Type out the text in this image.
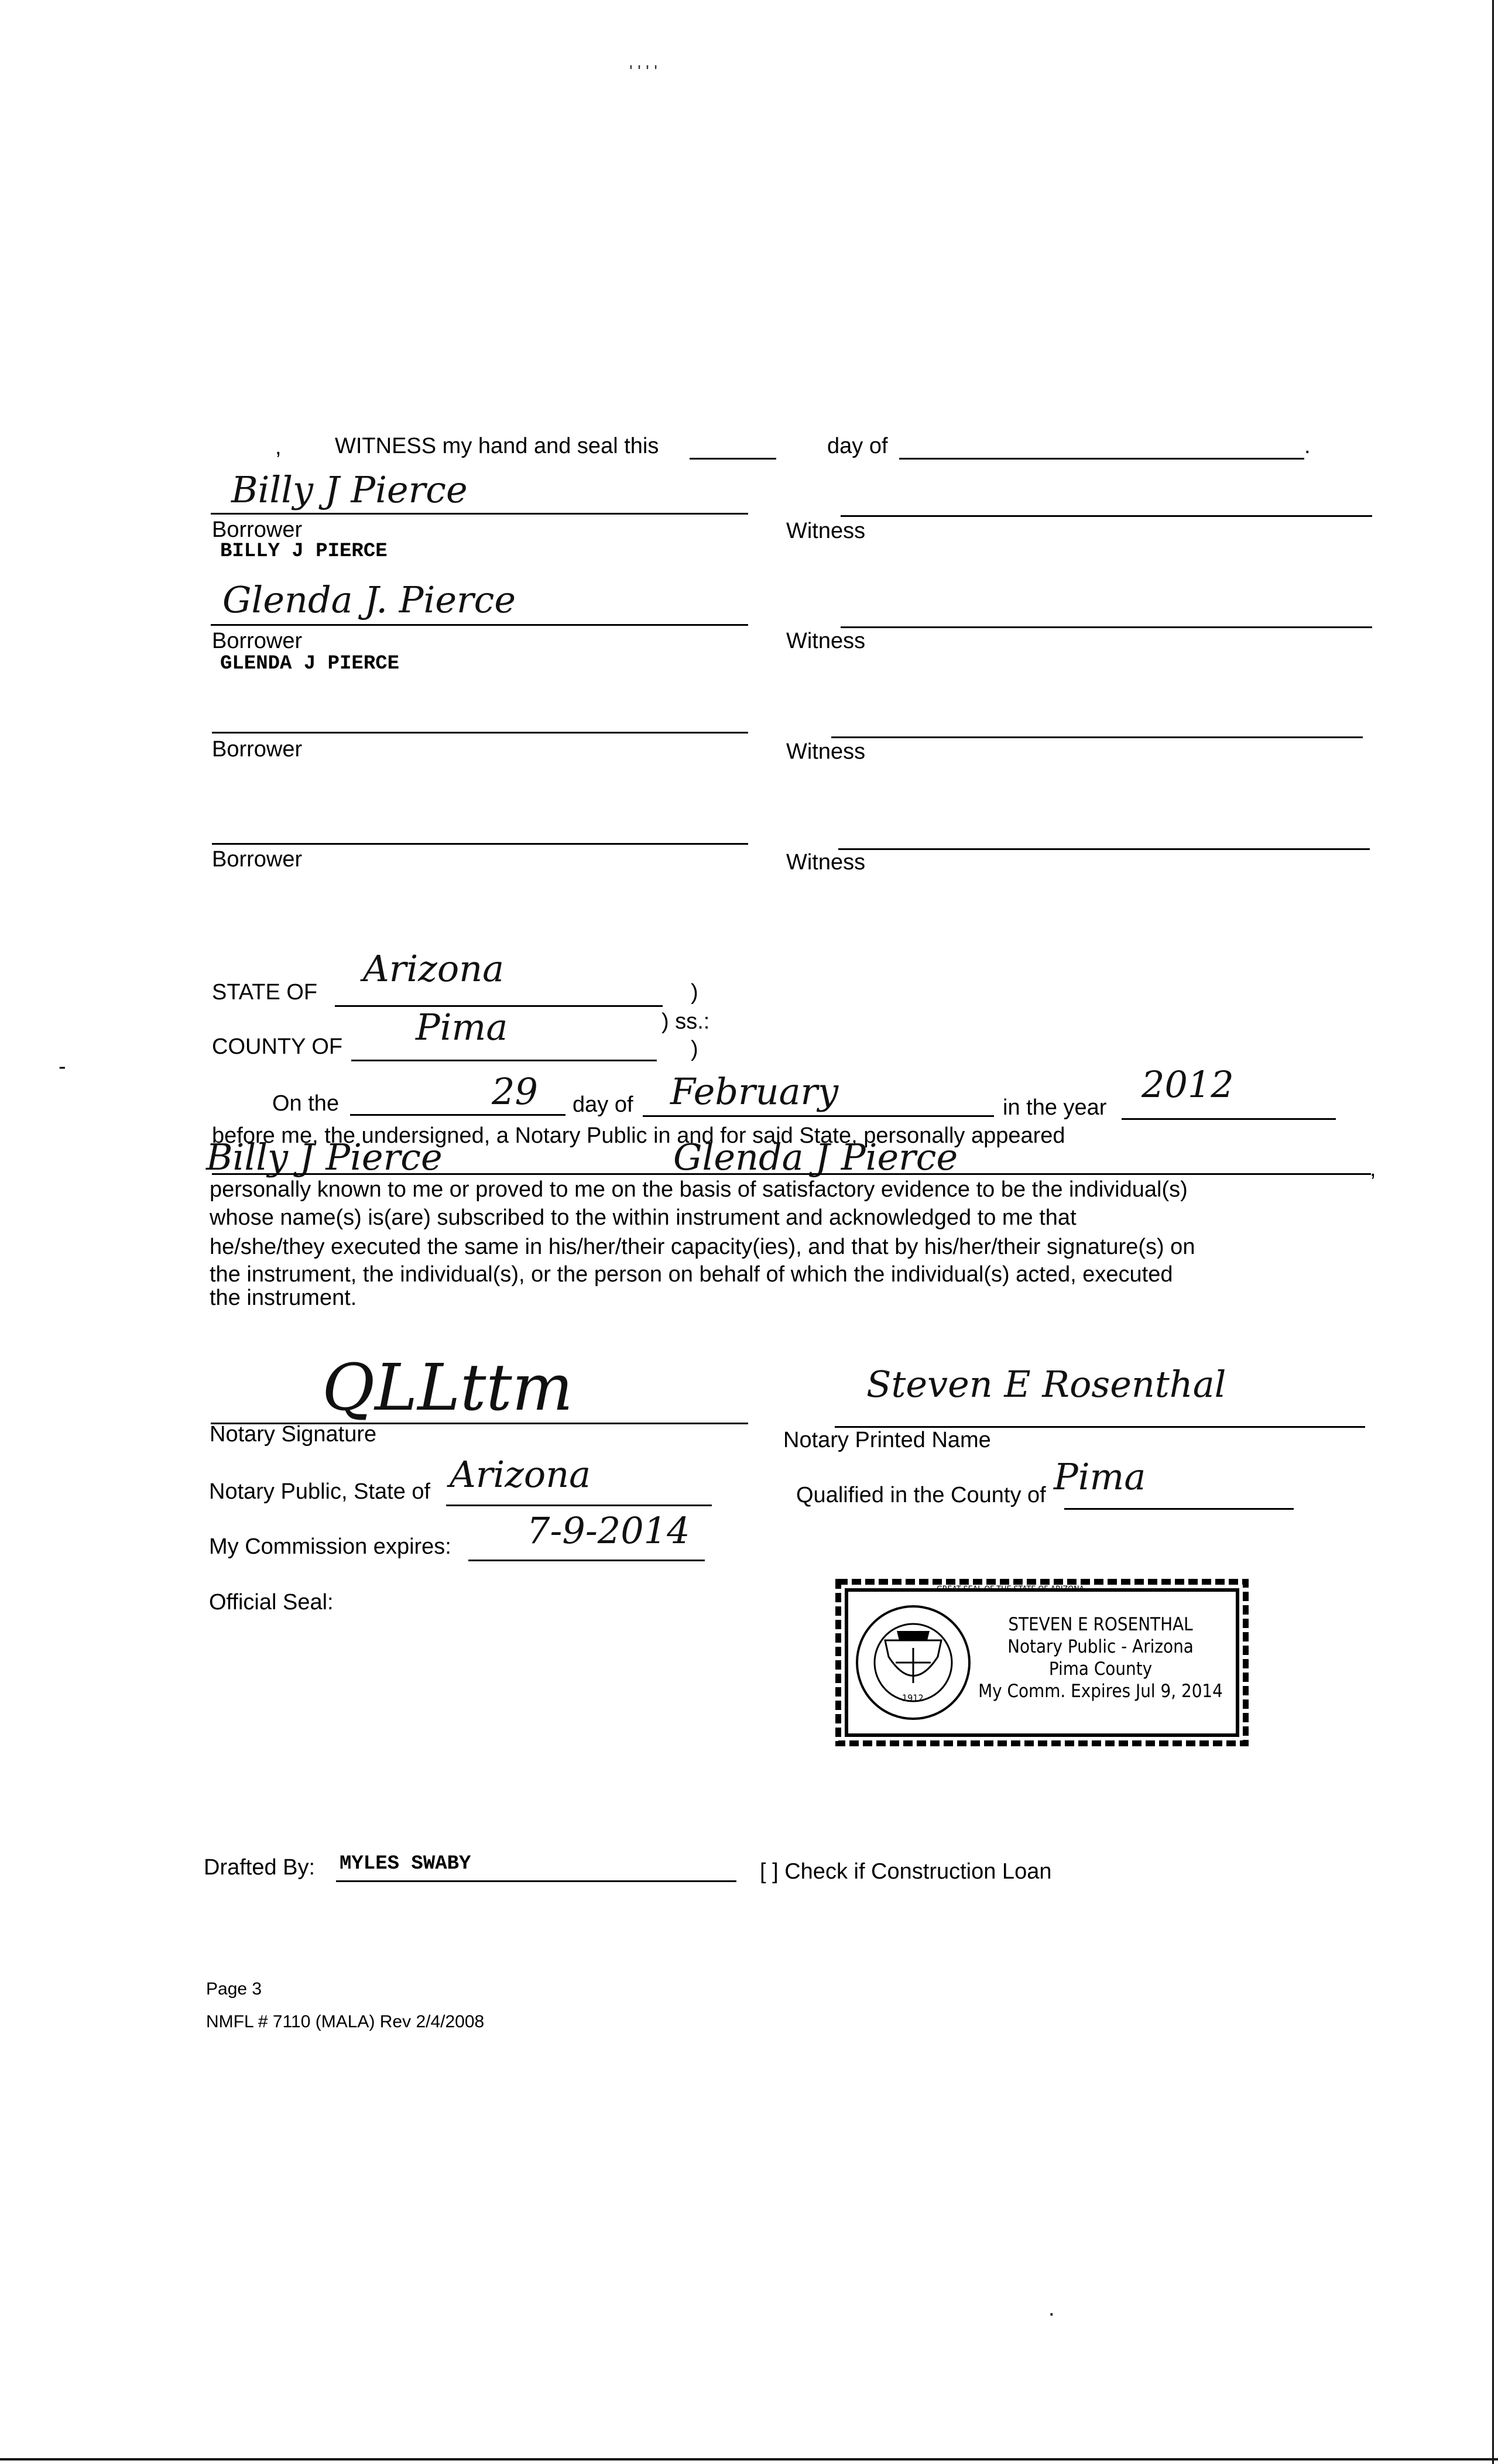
' ' ' '
, WITNESS my hand and seal this	day of	.
Billy J Pierce
Borrower
BILLY J PIERCE
Witness
Glenda J. Pierce
Borrower
GLENDA J PIERCE
Witness
Borrower	Witness
Borrower	Witness
STATE OF
Arizona
)
) ss.:
COUNTY OF Pima
)
On the	29 day of February	in the year
2012
before me, the undersigned, a Notary Public in and for said State, personally appeared
Billy J Pierce	Glenda J Pierce	,
personally known to me or proved to me on the basis of satisfactory evidence to be the individual(s)
whose name(s) is(are) subscribed to the within instrument and acknowledged to me that
he/she/they executed the same in his/her/their capacity(ies), and that by his/her/their signature(s) on
the instrument, the individual(s), or the person on behalf of which the individual(s) acted, executed
the instrument.
QLLttm
Notary Signature
Steven E Rosenthal
Notary Printed Name
Notary Public, State of Arizona	Qualified in the County of Pima
My Commission expires: 7-9-2014
Official Seal:
GREAT SEAL OF THE STATE OF ARIZONA
1912
STEVEN E ROSENTHAL
Notary Public - Arizona
Pima County
My Comm. Expires Jul 9, 2014
Drafted By: MYLES SWABY	[ ] Check if Construction Loan
Page 3
NMFL # 7110 (MALA) Rev 2/4/2008
-
·
